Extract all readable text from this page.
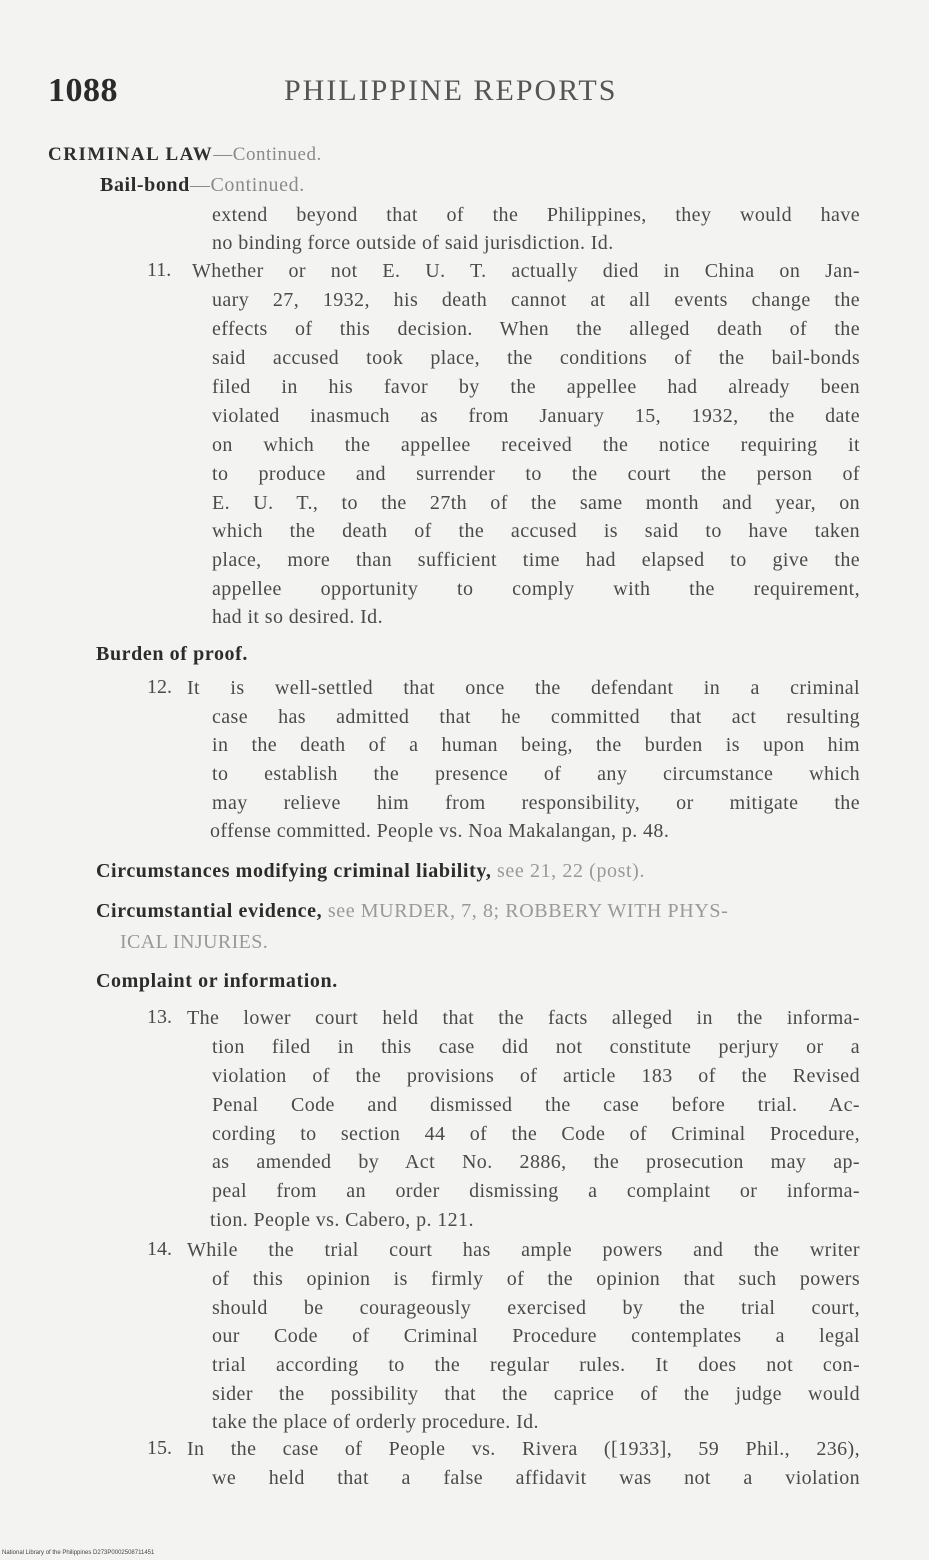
1088	PHILIPPINE REPORTS
CRIMINAL LAW—Continued.
Bail-bond—Continued.
extend beyond that of the Philippines, they would have
no binding force outside of said jurisdiction. Id.
11. Whether or not E. U. T. actually died in China on Jan-
uary 27, 1932, his death cannot at all events change the
effects of this decision. When the alleged death of the
said accused took place, the conditions of the bail-bonds
filed in his favor by the appellee had already been
violated inasmuch as from January 15, 1932, the date
on which the appellee received the notice requiring it
to produce and surrender to the court the person of
E. U. T., to the 27th of the same month and year, on
which the death of the accused is said to have taken
place, more than sufficient time had elapsed to give the
appellee opportunity to comply with the requirement,
had it so desired. Id.
Burden of proof.
12. It is well-settled that once the defendant in a criminal
case has admitted that he committed that act resulting
in the death of a human being, the burden is upon him
to establish the presence of any circumstance which
may relieve him from responsibility, or mitigate the
offense committed. People vs. Noa Makalangan, p. 48.
Circumstances modifying criminal liability, see 21, 22 (post).
Circumstantial evidence, see MURDER, 7, 8; ROBBERY WITH PHYS-
ICAL INJURIES.
Complaint or information.
13. The lower court held that the facts alleged in the informa-
tion filed in this case did not constitute perjury or a
violation of the provisions of article 183 of the Revised
Penal Code and dismissed the case before trial. Ac-
cording to section 44 of the Code of Criminal Procedure,
as amended by Act No. 2886, the prosecution may ap-
peal from an order dismissing a complaint or informa-
tion. People vs. Cabero, p. 121.
14. While the trial court has ample powers and the writer
of this opinion is firmly of the opinion that such powers
should be courageously exercised by the trial court,
our Code of Criminal Procedure contemplates a legal
trial according to the regular rules. It does not con-
sider the possibility that the caprice of the judge would
take the place of orderly procedure. Id.
15. In the case of People vs. Rivera ([1933], 59 Phil., 236),
we held that a false affidavit was not a violation
National Library of the Philippines D273P0002508711451
